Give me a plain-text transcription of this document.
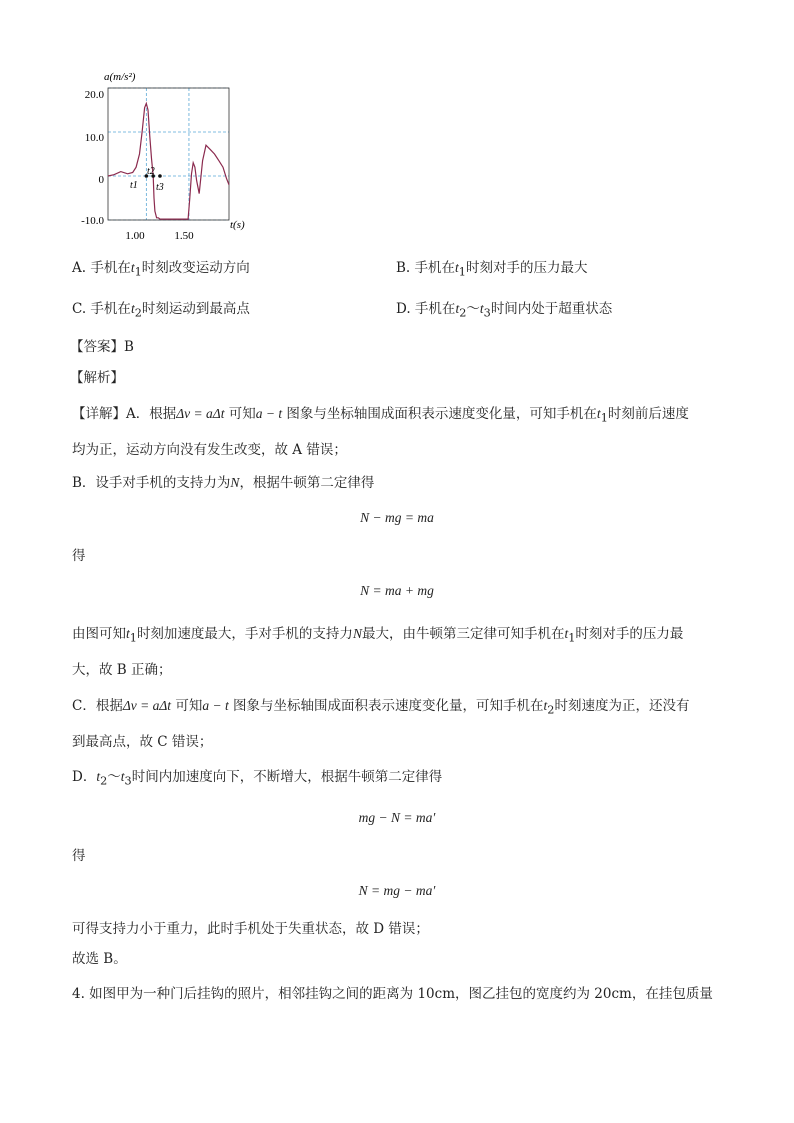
a(m/s²)
t(s)
20.0
10.0
0
-10.0
1.00	1.50
t1
t2
t3
A. 手机在$t_1$时刻改变运动方向	B. 手机在$t_1$时刻对手的压力最大
C. 手机在$t_2$时刻运动到最高点	D. 手机在$t_2\sim t_3$时间内处于超重状态
【答案】B
【解析】
【详解】A．根据Δv = aΔt 可知a − t 图象与坐标轴围成面积表示速度变化量，可知手机在$t_1$时刻前后速度
均为正，运动方向没有发生改变，故 A 错误；
B．设手对手机的支持力为N，根据牛顿第二定律得
N − mg = ma
得
N = ma + mg
由图可知$t_1$时刻加速度最大，手对手机的支持力N最大，由牛顿第三定律可知手机在$t_1$时刻对手的压力最
大，故 B 正确；
C．根据Δv = aΔt 可知a − t 图象与坐标轴围成面积表示速度变化量，可知手机在$t_2$时刻速度为正，还没有
到最高点，故 C 错误；
D．$t_2\sim t_3$时间内加速度向下，不断增大，根据牛顿第二定律得
mg − N = ma′
得
N = mg − ma′
可得支持力小于重力，此时手机处于失重状态，故 D 错误；
故选 B。
4. 如图甲为一种门后挂钩的照片，相邻挂钩之间的距离为 10cm，图乙挂包的宽度约为 20cm，在挂包质量
